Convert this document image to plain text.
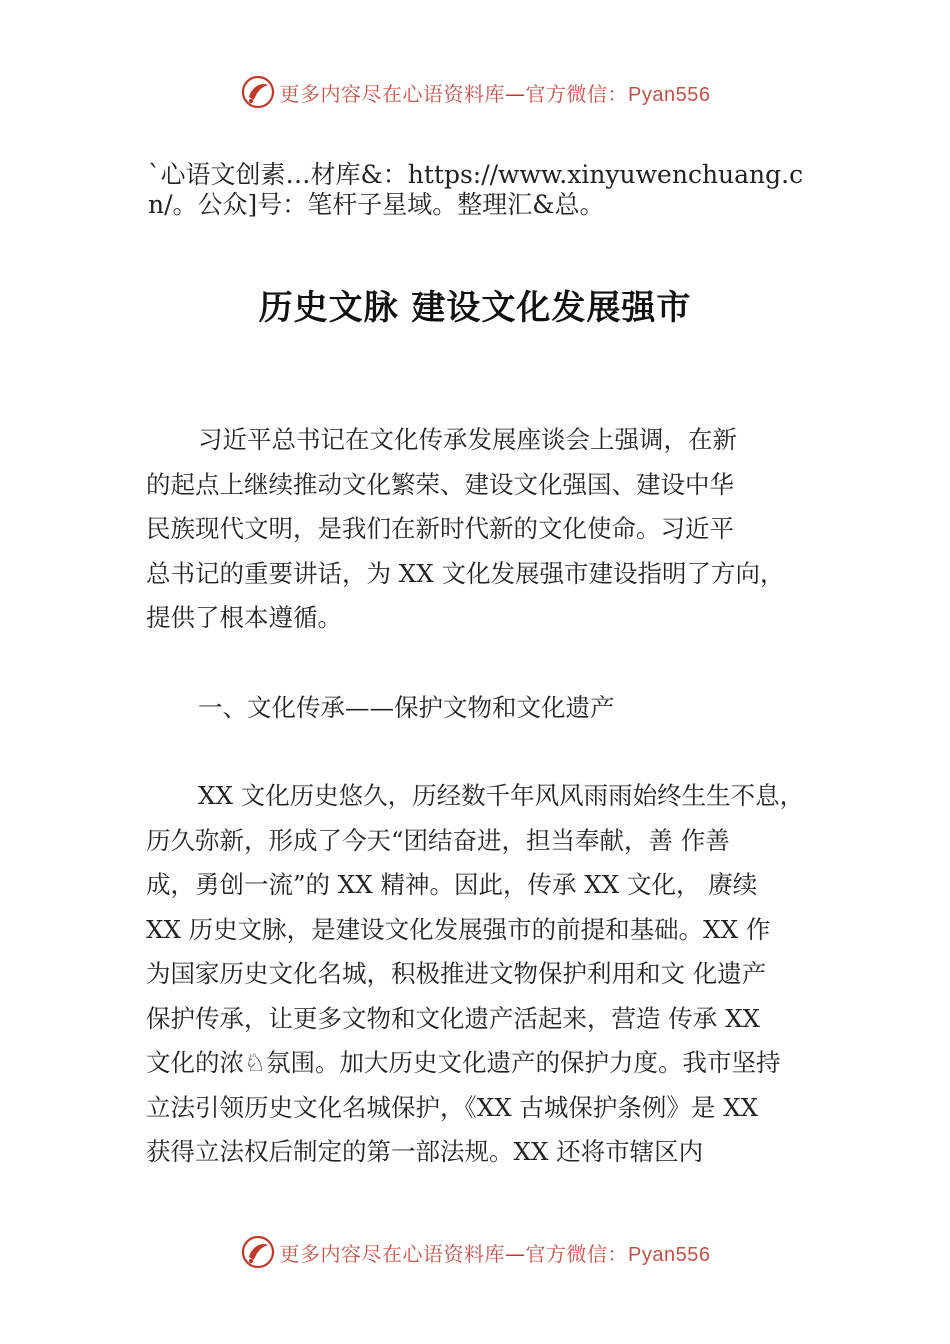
更多内容尽在心语资料库—官方微信：Pyan556
`心语文创素…材库&：https://www.xinyuwenchuang.cn/。公众]号：笔杆子星域。整理汇&总。
历史文脉 建设文化发展强市
习近平总书记在文化传承发展座谈会上强调，在新
的起点上继续推动文化繁荣、建设文化强国、建设中华
民族现代文明，是我们在新时代新的文化使命。习近平
总书记的重要讲话，为 XX 文化发展强市建设指明了方向，
提供了根本遵循。
一、文化传承——保护文物和文化遗产
XX 文化历史悠久，历经数千年风风雨雨始终生生不息，
历久弥新，形成了今天“团结奋进，担当奉献，善 作善
成，勇创一流”的 XX 精神。因此，传承 XX 文化， 赓续
XX 历史文脉，是建设文化发展强市的前提和基础。XX 作
为国家历史文化名城，积极推进文物保护利用和文 化遗产
保护传承，让更多文物和文化遗产活起来，营造 传承 XX
文化的浓♘氛围。加大历史文化遗产的保护力度。我市坚持
立法引领历史文化名城保护，《XX 古城保护条例》是 XX
获得立法权后制定的第一部法规。XX 还将市辖区内
更多内容尽在心语资料库—官方微信：Pyan556
